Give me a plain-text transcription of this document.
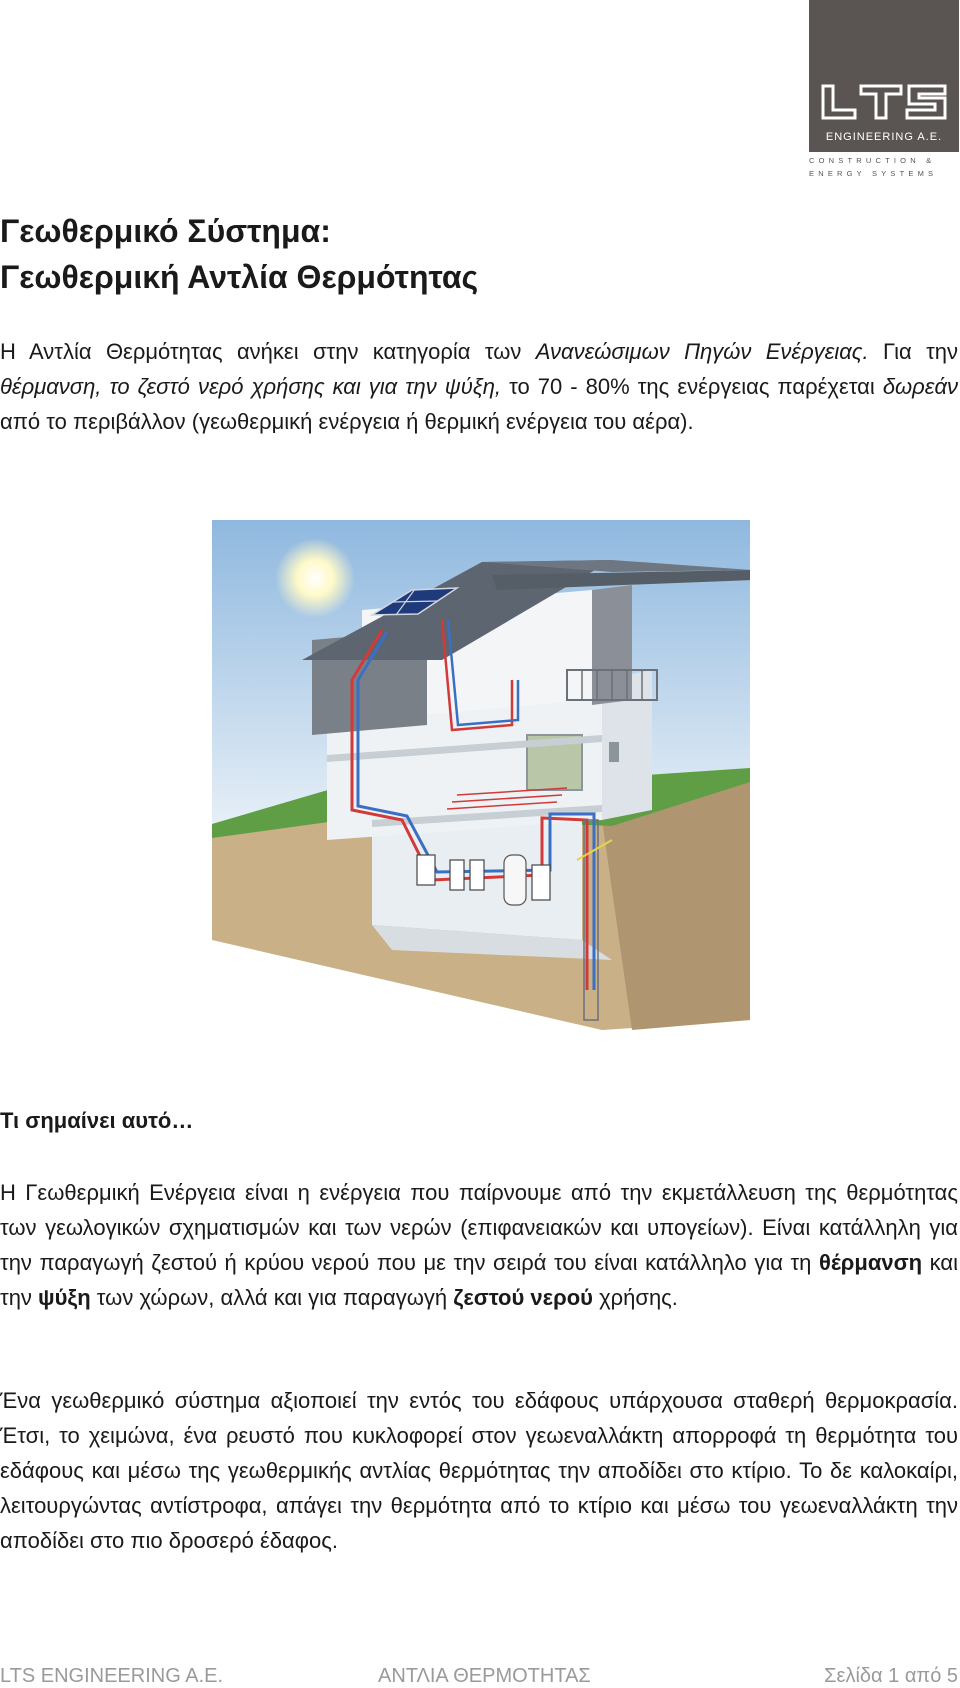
ENGINEERING A.E.
CONSTRUCTION &
ENERGY SYSTEMS
Γεωθερμικό Σύστημα:
Γεωθερμική Αντλία Θερμότητας

Η Αντλία Θερμότητας ανήκει στην κατηγορία των Ανανεώσιμων Πηγών Ενέργειας. Για την θέρμανση, το ζεστό νερό χρήσης και για την ψύξη, το 70 - 80% της ενέργειας παρέχεται δωρεάν από το περιβάλλον (γεωθερμική ενέργεια ή θερμική ενέργεια του αέρα).

Τι σημαίνει αυτό…

Η Γεωθερμική Ενέργεια είναι η ενέργεια που παίρνουμε από την εκμετάλλευση της θερμότητας των γεωλογικών σχηματισμών και των νερών (επιφανειακών και υπογείων). Είναι κατάλληλη για την παραγωγή ζεστού ή κρύου νερού που με την σειρά του είναι κατάλληλο για τη θέρμανση και την ψύξη των χώρων, αλλά και για παραγωγή ζεστού νερού χρήσης.

Ένα γεωθερμικό σύστημα αξιοποιεί την εντός του εδάφους υπάρχουσα σταθερή θερμοκρασία. Έτσι, το χειμώνα, ένα ρευστό που κυκλοφορεί στον γεωεναλλάκτη απορροφά τη θερμότητα του εδάφους και μέσω της γεωθερμικής αντλίας θερμότητας την αποδίδει στο κτίριο. Το δε καλοκαίρι, λειτουργώντας αντίστροφα, απάγει την θερμότητα από το κτίριο και μέσω του γεωεναλλάκτη την αποδίδει στο πιο δροσερό έδαφος.

LTS ENGINEERING A.E.	ΑΝΤΛΙΑ ΘΕΡΜΟΤΗΤΑΣ	Σελίδα 1 από 5
